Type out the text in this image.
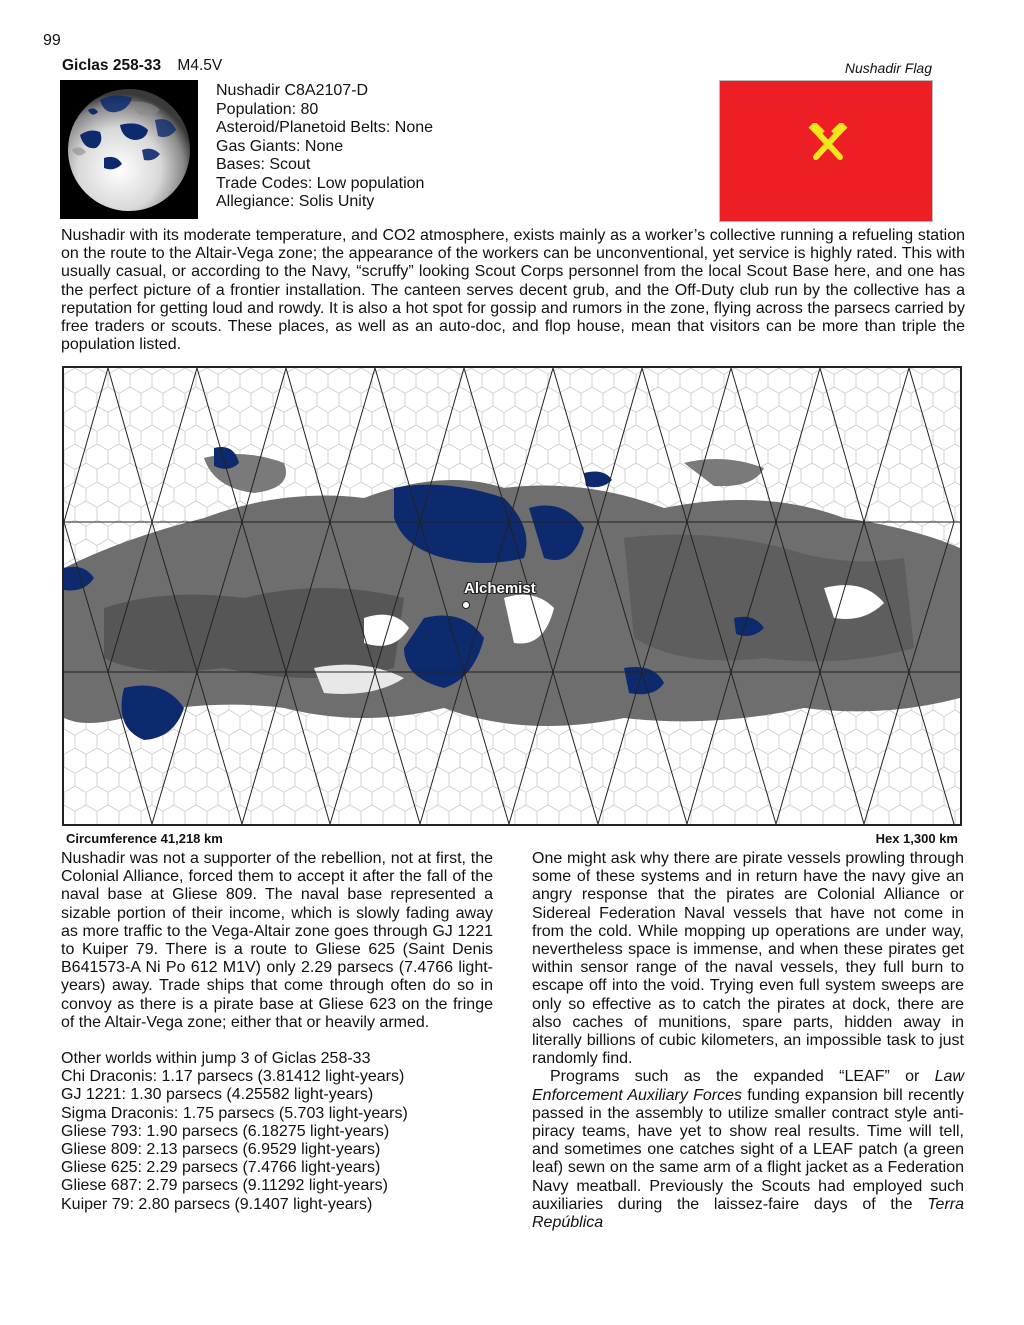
99
Giclas 258-33 M4.5V	Nushadir Flag
Nushadir C8A2107-D
Population: 80
Asteroid/Planetoid Belts: None
Gas Giants: None
Bases: Scout
Trade Codes: Low population
Allegiance: Solis Unity
Nushadir with its moderate temperature, and CO2 atmosphere, exists mainly as a worker’s collective running a refueling station on the route to the Altair-Vega zone; the appearance of the workers can be unconventional, yet service is highly rated. This with usually casual, or according to the Navy, “scruffy” looking Scout Corps personnel from the local Scout Base here, and one has the perfect picture of a frontier installation. The canteen serves decent grub, and the Off-Duty club run by the collective has a reputation for getting loud and rowdy. It is also a hot spot for gossip and rumors in the zone, flying across the parsecs carried by free traders or scouts. These places, as well as an auto-doc, and flop house, mean that visitors can be more than triple the population listed.
Alchemist
Circumference 41,218 km	Hex 1,300 km

Nushadir was not a supporter of the rebellion, not at first, the Colonial Alliance, forced them to accept it after the fall of the naval base at Gliese 809. The naval base represented a sizable portion of their income, which is slowly fading away as more traffic to the Vega-Altair zone goes through GJ 1221 to Kuiper 79. There is a route to Gliese 625 (Saint Denis B641573-A Ni Po 612 M1V) only 2.29 parsecs (7.4766 light-years) away. Trade ships that come through often do so in convoy as there is a pirate base at Gliese 623 on the fringe of the Altair-Vega zone; either that or heavily armed.

Other worlds within jump 3 of Giclas 258-33
Chi Draconis: 1.17 parsecs (3.81412 light-years)
GJ 1221: 1.30 parsecs (4.25582 light-years)
Sigma Draconis: 1.75 parsecs (5.703 light-years)
Gliese 793: 1.90 parsecs (6.18275 light-years)
Gliese 809: 2.13 parsecs (6.9529 light-years)
Gliese 625: 2.29 parsecs (7.4766 light-years)
Gliese 687: 2.79 parsecs (9.11292 light-years)
Kuiper 79: 2.80 parsecs (9.1407 light-years)

One might ask why there are pirate vessels prowling through some of these systems and in return have the navy give an angry response that the pirates are Colonial Alliance or Sidereal Federation Naval vessels that have not come in from the cold. While mopping up operations are under way, nevertheless space is immense, and when these pirates get within sensor range of the naval vessels, they full burn to escape off into the void. Trying even full system sweeps are only so effective as to catch the pirates at dock, there are also caches of munitions, spare parts, hidden away in literally billions of cubic kilometers, an impossible task to just randomly find.

Programs such as the expanded “LEAF” or Law Enforcement Auxiliary Forces funding expansion bill recently passed in the assembly to utilize smaller contract style anti-piracy teams, have yet to show real results. Time will tell, and sometimes one catches sight of a LEAF patch (a green leaf) sewn on the same arm of a flight jacket as a Federation Navy meatball. Previously the Scouts had employed such auxiliaries during the laissez-faire days of the Terra República
